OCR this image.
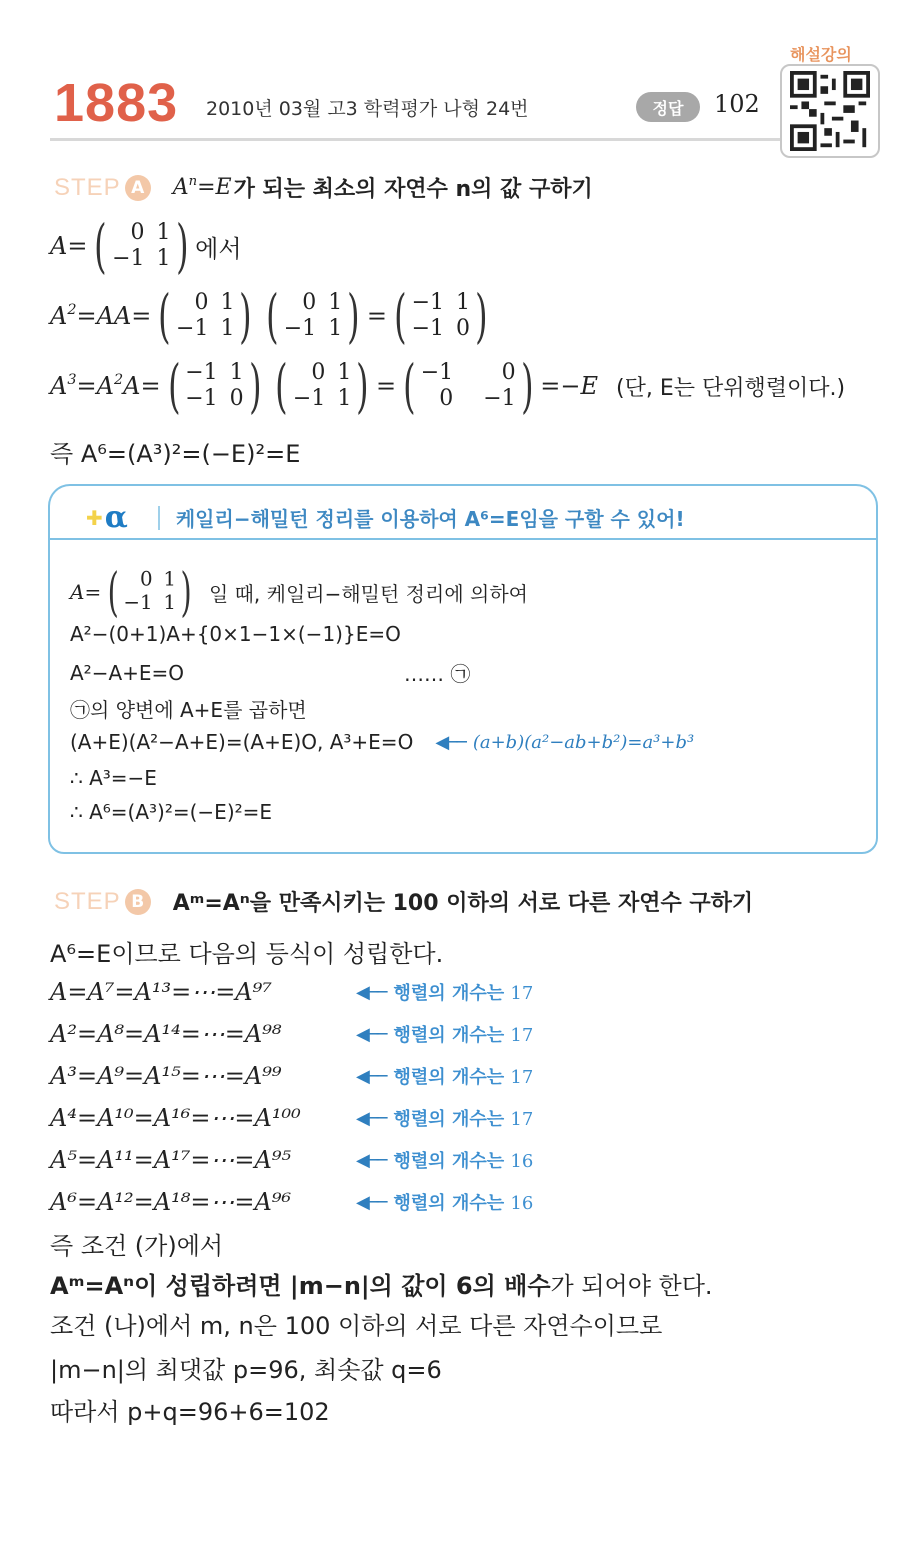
1883 2010년 03월 고3 학력평가 나형 24번	정답	102
해설강의
STEP A $A^n=E$ 가 되는 최소의 자연수 n의 값 구하기
A = (	0 1
−1 1 ) 에서
$A^2=AA=$ (	0 1
−1 1 ) (	0 1
−1 1 ) = ( −1 1
−1 0 )
$A^3=A^2A=$ ( −1 1
−1 0 ) (	0 1
−1 1 ) = ( −1	0
0 −1 ) =−E (단, E는 단위행렬이다.)
즉 A⁶=(A³)²=(−E)²=E
✚ α 케일리−해밀턴 정리를 이용하여 A⁶=E임을 구할 수 있어!
A = ( 0 1
−1 1 ) 일 때, 케일리−해밀턴 정리에 의하여
A²−(0+1)A+{0×1−1×(−1)}E=O
A²−A+E=O	…… ㉠
㉠의 양변에 A+E를 곱하면
(A+E)(A²−A+E)=(A+E)O, A³+E=O ◀── (a+b)(a²−ab+b²)=a³+b³
∴ A³=−E
∴ A⁶=(A³)²=(−E)²=E
STEP B Aᵐ=Aⁿ을 만족시키는 100 이하의 서로 다른 자연수 구하기
A⁶=E이므로 다음의 등식이 성립한다.
A=A⁷=A¹³=⋯=A⁹⁷	◀── 행렬의 개수는 17
A²=A⁸=A¹⁴=⋯=A⁹⁸	◀── 행렬의 개수는 17
A³=A⁹=A¹⁵=⋯=A⁹⁹	◀── 행렬의 개수는 17
A⁴=A¹⁰=A¹⁶=⋯=A¹⁰⁰	◀── 행렬의 개수는 17
A⁵=A¹¹=A¹⁷=⋯=A⁹⁵	◀── 행렬의 개수는 16
A⁶=A¹²=A¹⁸=⋯=A⁹⁶	◀── 행렬의 개수는 16
즉 조건 (가)에서
Aᵐ=Aⁿ이 성립하려면 |m−n|의 값이 6의 배수 가 되어야 한다.
조건 (나)에서 m, n은 100 이하의 서로 다른 자연수이므로
|m−n|의 최댓값 p=96, 최솟값 q=6
따라서 p+q=96+6=102
